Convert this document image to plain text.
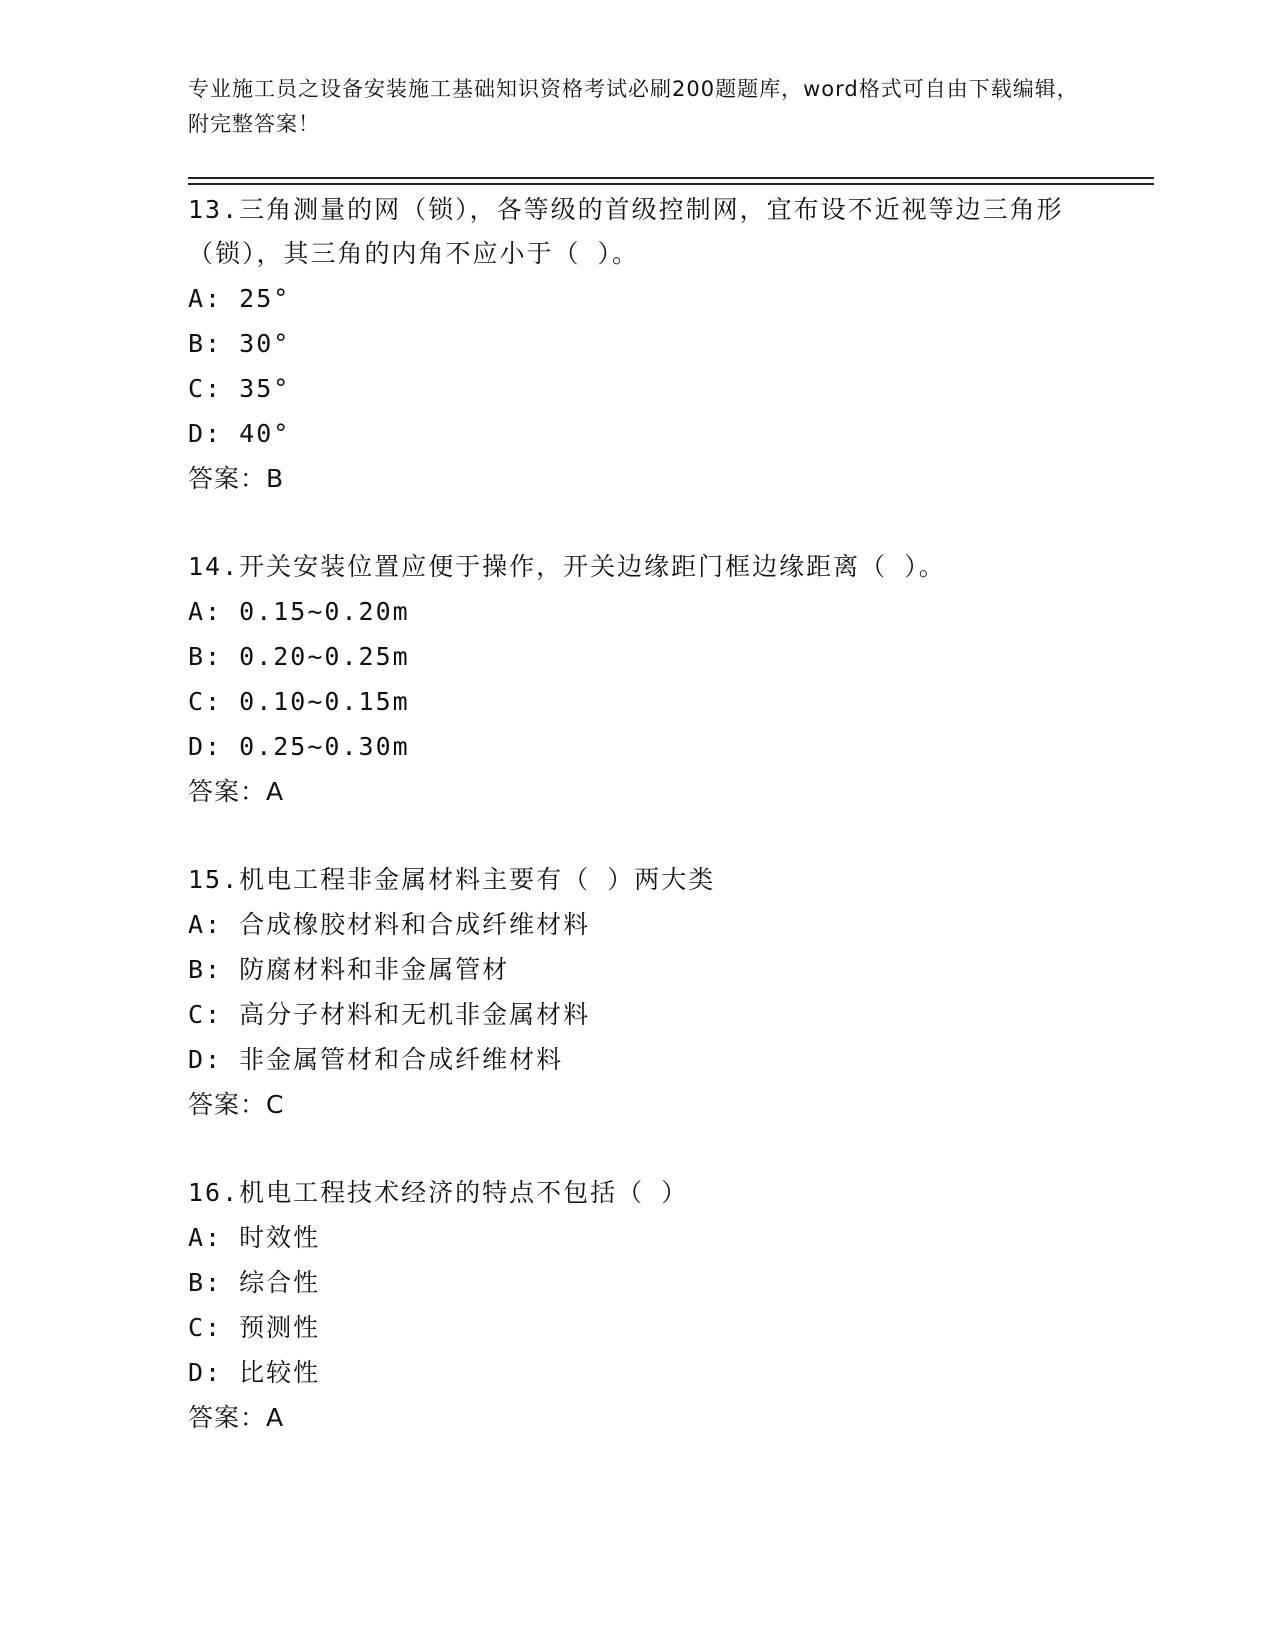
专业施工员之设备安装施工基础知识资格考试必刷200题题库，word格式可自由下载编辑，附完整答案！

13.三角测量的网（锁），各等级的首级控制网，宜布设不近视等边三角形（锁），其三角的内角不应小于（ ）。

A: 25°

B: 30°

C: 35°

D: 40°

答案：B

14.开关安装位置应便于操作，开关边缘距门框边缘距离（ ）。

A: 0.15~0.20m

B: 0.20~0.25m

C: 0.10~0.15m

D: 0.25~0.30m

答案：A

15.机电工程非金属材料主要有（ ）两大类

A: 合成橡胶材料和合成纤维材料

B: 防腐材料和非金属管材

C: 高分子材料和无机非金属材料

D: 非金属管材和合成纤维材料

答案：C

16.机电工程技术经济的特点不包括（ ）

A: 时效性

B: 综合性

C: 预测性

D: 比较性

答案：A
